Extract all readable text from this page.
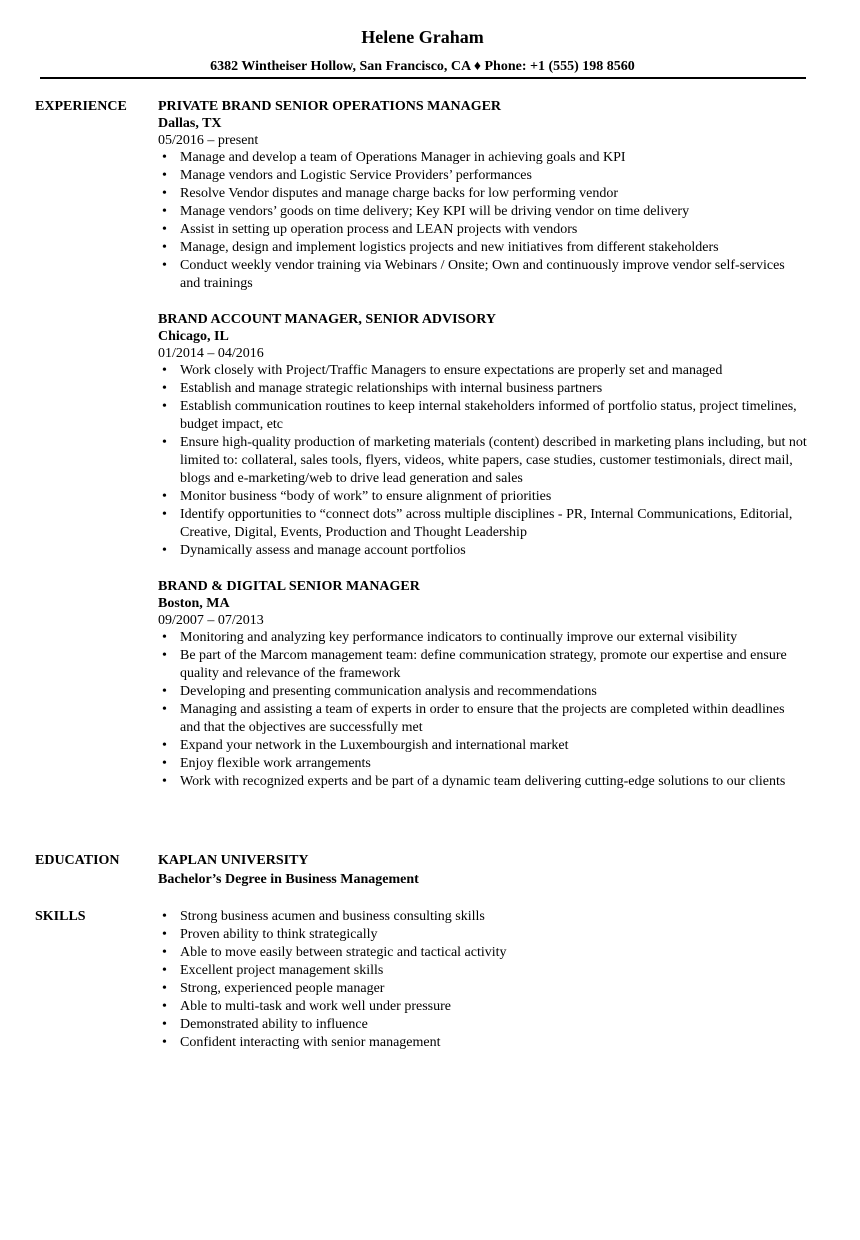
Helene Graham
6382 Wintheiser Hollow, San Francisco, CA ♦ Phone: +1 (555) 198 8560
EXPERIENCE	PRIVATE BRAND SENIOR OPERATIONS MANAGER
Dallas, TX
05/2016 – present
• Manage and develop a team of Operations Manager in achieving goals and KPI
• Manage vendors and Logistic Service Providers’ performances
• Resolve Vendor disputes and manage charge backs for low performing vendor
• Manage vendors’ goods on time delivery; Key KPI will be driving vendor on time delivery
• Assist in setting up operation process and LEAN projects with vendors
• Manage, design and implement logistics projects and new initiatives from different stakeholders
• Conduct weekly vendor training via Webinars / Onsite; Own and continuously improve vendor self-services and trainings
BRAND ACCOUNT MANAGER, SENIOR ADVISORY
Chicago, IL
01/2014 – 04/2016
• Work closely with Project/Traffic Managers to ensure expectations are properly set and managed
• Establish and manage strategic relationships with internal business partners
• Establish communication routines to keep internal stakeholders informed of portfolio status, project timelines, budget impact, etc
• Ensure high-quality production of marketing materials (content) described in marketing plans including, but not limited to: collateral, sales tools, flyers, videos, white papers, case studies, customer testimonials, direct mail, blogs and e-marketing/web to drive lead generation and sales
• Monitor business “body of work” to ensure alignment of priorities
• Identify opportunities to “connect dots” across multiple disciplines - PR, Internal Communications, Editorial, Creative, Digital, Events, Production and Thought Leadership
• Dynamically assess and manage account portfolios
BRAND & DIGITAL SENIOR MANAGER
Boston, MA
09/2007 – 07/2013
• Monitoring and analyzing key performance indicators to continually improve our external visibility
• Be part of the Marcom management team: define communication strategy, promote our expertise and ensure quality and relevance of the framework
• Developing and presenting communication analysis and recommendations
• Managing and assisting a team of experts in order to ensure that the projects are completed within deadlines and that the objectives are successfully met
• Expand your network in the Luxembourgish and international market
• Enjoy flexible work arrangements
• Work with recognized experts and be part of a dynamic team delivering cutting-edge solutions to our clients
EDUCATION	KAPLAN UNIVERSITY
Bachelor’s Degree in Business Management
SKILLS	• Strong business acumen and business consulting skills
• Proven ability to think strategically
• Able to move easily between strategic and tactical activity
• Excellent project management skills
• Strong, experienced people manager
• Able to multi-task and work well under pressure
• Demonstrated ability to influence
• Confident interacting with senior management
